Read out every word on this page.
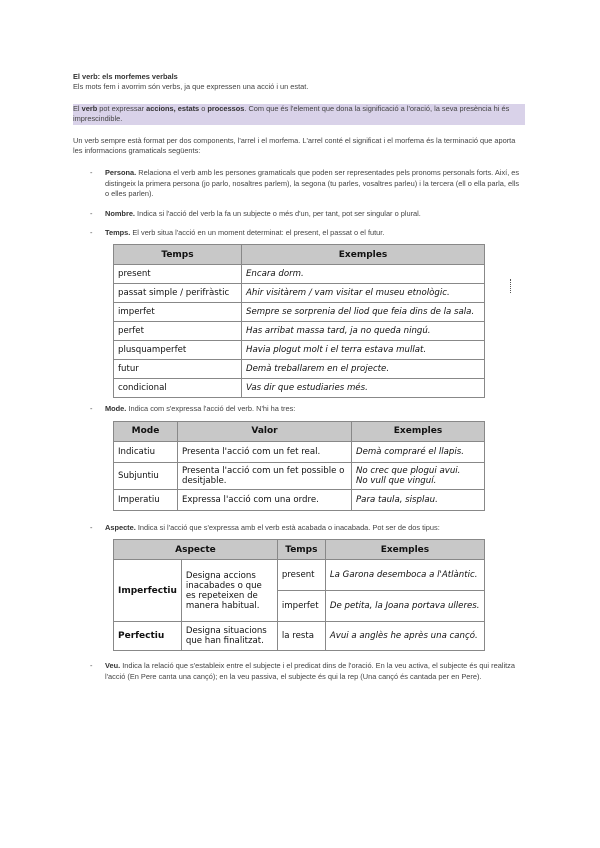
El verb: els morfemes verbals

Els mots fem i avorrim són verbs, ja que expressen una acció i un estat.

El verb pot expressar accions, estats o processos. Com que és l'element que dona la significació a l'oració, la seva presència hi és imprescindible.

Un verb sempre està format per dos components, l'arrel i el morfema. L'arrel conté el significat i el morfema és la terminació que aporta les informacions gramaticals següents:

- Persona. Relaciona el verb amb les persones gramaticals que poden ser representades pels pronoms personals forts. Així, es distingeix la primera persona (jo parlo, nosaltres parlem), la segona (tu parles, vosaltres parleu) i la tercera (ell o ella parla, ells o elles parlen).
- Nombre. Indica si l'acció del verb la fa un subjecte o més d'un, per tant, pot ser singular o plural.
- Temps. El verb situa l'acció en un moment determinat: el present, el passat o el futur.
Temps	Exemples
present	Encara dorm.
passat simple / perifràstic	Ahir visitàrem / vam visitar el museu etnològic.
imperfet	Sempre se sorprenia del liod que feia dins de la sala.
perfet	Has arribat massa tard, ja no queda ningú.
plusquamperfet	Havia plogut molt i el terra estava mullat.
futur	Demà treballarem en el projecte.
condicional	Vas dir que estudiaries més.
- Mode. Indica com s'expressa l'acció del verb. N'hi ha tres:
Mode	Valor	Exemples
Indicatiu	Presenta l'acció com un fet real.	Demà compraré el llapis.
Subjuntiu	Presenta l'acció com un fet possible o desitjable.	No crec que plogui avui.
No vull que vinguí.

Imperatiu	Expressa l'acció com una ordre.	Para taula, sisplau.
- Aspecte. Indica si l'acció que s'expressa amb el verb està acabada o inacabada. Pot ser de dos tipus:
Aspecte		Temps	Exemples
Imperfectiu	Designa accions inacabades o que es repeteixen de manera habitual.	present	La Garona desemboca a l'Atlàntic.
		imperfet	De petita, la Joana portava ulleres.
Perfectiu	Designa situacions que han finalitzat.	la resta	Avui a anglès he après una cançó.
- Veu. Indica la relació que s'estableix entre el subjecte i el predicat dins de l'oració. En la veu activa, el subjecte és qui realitza l'acció (En Pere canta una cançó); en la veu passiva, el subjecte és qui la rep (Una cançó és cantada per en Pere).
